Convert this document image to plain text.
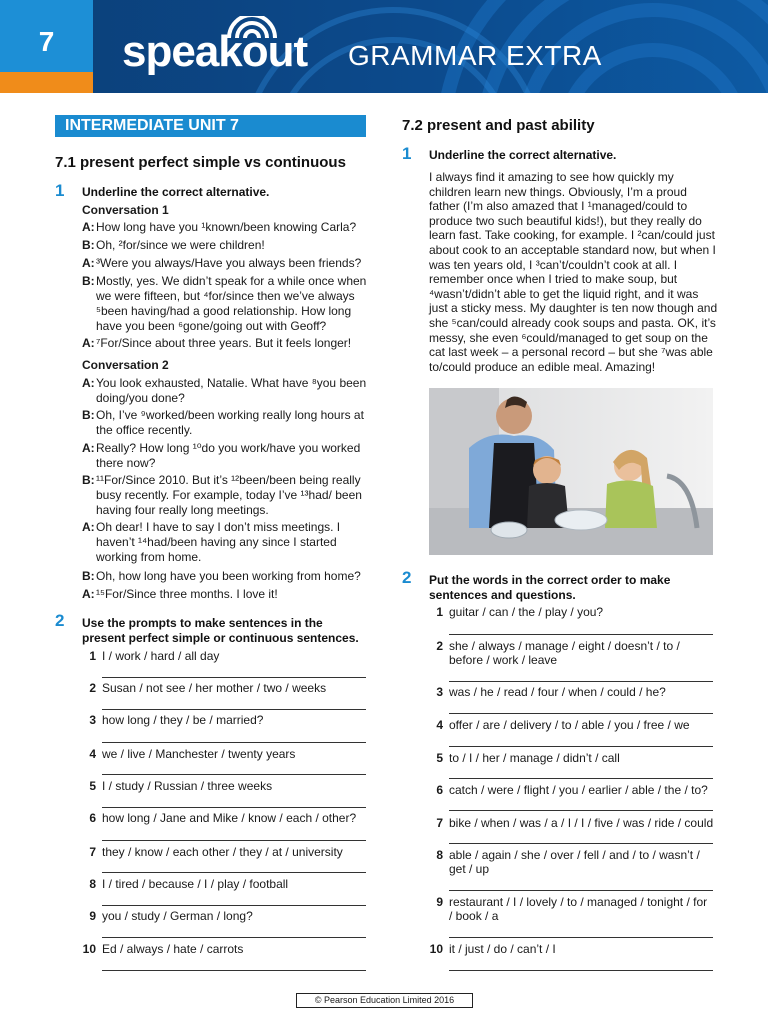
7	speakout GRAMMAR EXTRA
INTERMEDIATE UNIT 7
7.1 present perfect simple vs continuous
1 Underline the correct alternative.
Conversation 1
A: How long have you ¹known/been knowing Carla?
B: Oh, ²for/since we were children!
A: ³Were you always/Have you always been friends?
B: Mostly, yes. We didn’t speak for a while once when we were fifteen, but ⁴for/since then we’ve always ⁵been having/had a good relationship. How long have you been ⁶gone/going out with Geoff?
A: ⁷For/Since about three years. But it feels longer!
Conversation 2
A: You look exhausted, Natalie. What have ⁸you been doing/you done?
B: Oh, I’ve ⁹worked/been working really long hours at the office recently.
A: Really? How long ¹⁰do you work/have you worked there now?
B: ¹¹For/Since 2010. But it’s ¹²been/been being really busy recently. For example, today I’ve ¹³had/ been having four really long meetings.
A: Oh dear! I have to say I don’t miss meetings. I haven’t ¹⁴had/been having any since I started working from home.
B: Oh, how long have you been working from home?
A: ¹⁵For/Since three months. I love it!
2 Use the prompts to make sentences in the present perfect simple or continuous sentences.
1 I / work / hard / all day
2 Susan / not see / her mother / two / weeks
3 how long / they / be / married?
4 we / live / Manchester / twenty years
5 I / study / Russian / three weeks
6 how long / Jane and Mike / know / each / other?
7 they / know / each other / they / at / university
8 I / tired / because / I / play / football
9 you / study / German / long?
10 Ed / always / hate / carrots
7.2 present and past ability
1 Underline the correct alternative.
I always find it amazing to see how quickly my children learn new things. Obviously, I’m a proud father (I’m also amazed that I ¹managed/could to produce two such beautiful kids!), but they really do learn fast. Take cooking, for example. I ²can/could just about cook to an acceptable standard now, but when I was ten years old, I ³can’t/couldn’t cook at all. I remember once when I tried to make soup, but ⁴wasn’t/didn’t able to get the liquid right, and it was just a sticky mess. My daughter is ten now though and she ⁵can/could already cook soups and pasta. OK, it’s messy, she even ⁶could/managed to get soup on the cat last week – a personal record – but she ⁷was able to/could produce an edible meal. Amazing!
2 Put the words in the correct order to make sentences and questions.
1 guitar / can / the / play / you?
2 she / always / manage / eight / doesn’t / to / before / work / leave
3 was / he / read / four / when / could / he?
4 offer / are / delivery / to / able / you / free / we
5 to / I / her / manage / didn’t / call
6 catch / were / flight / you / earlier / able / the / to?
7 bike / when / was / a / I / I / five / was / ride / could
8 able / again / she / over / fell / and / to / wasn’t / get / up
9 restaurant / I / lovely / to / managed / tonight / for / book / a
10 it / just / do / can’t / I
© Pearson Education Limited 2016
